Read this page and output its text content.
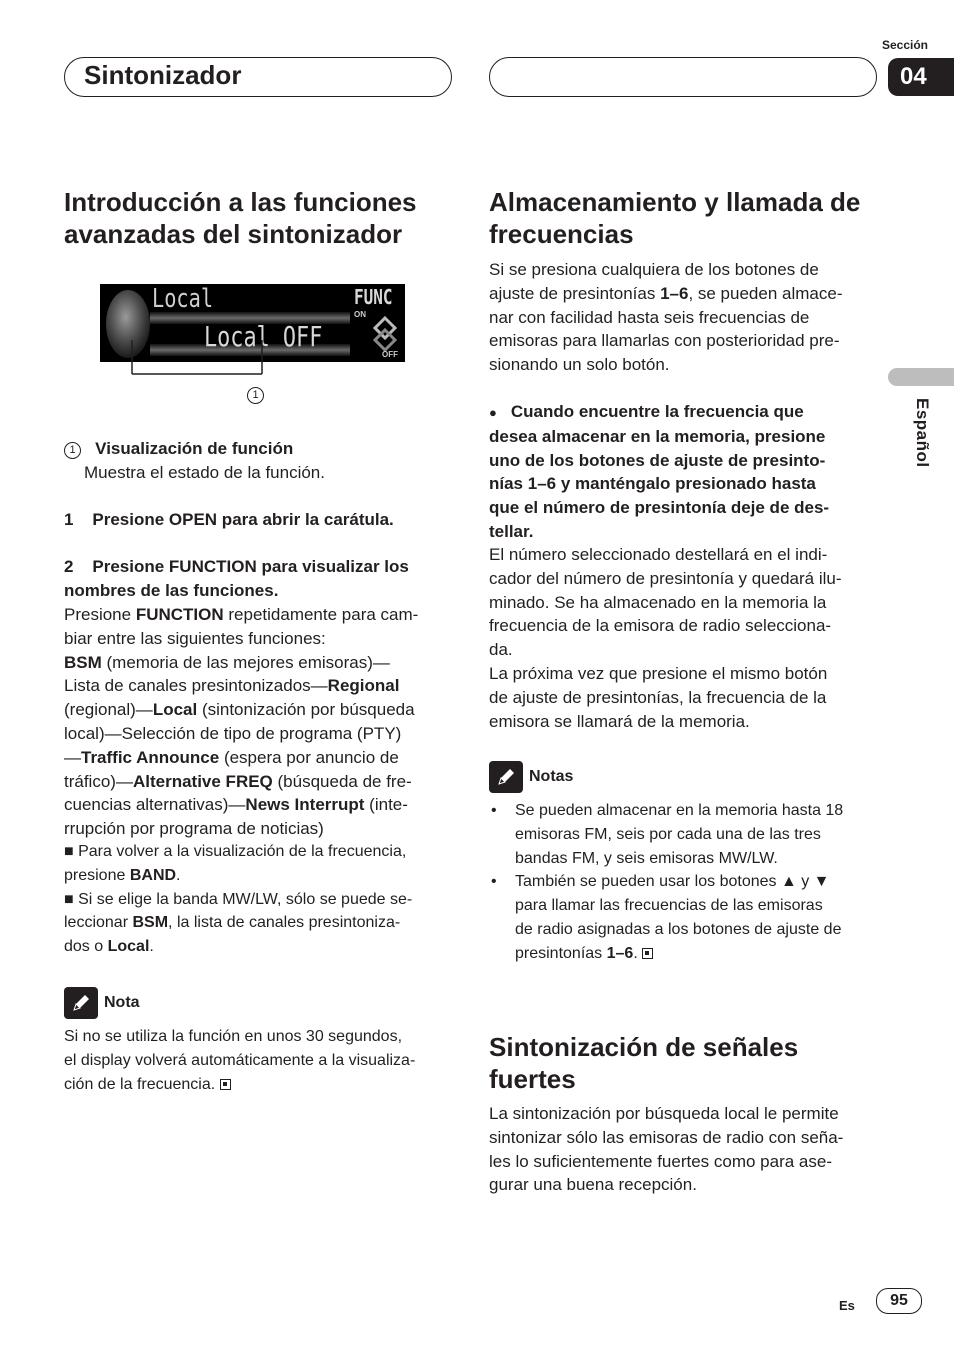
Sintonizador
Sección
04
Español
Introducción a las funciones avanzadas del sintonizador
Local
Local OFF
FUNC
ON
OFF
1
1 Visualización de función
Muestra el estado de la función.
1 Presione OPEN para abrir la carátula.
2 Presione FUNCTION para visualizar los
nombres de las funciones.
Presione FUNCTION repetidamente para cam-
biar entre las siguientes funciones:
BSM (memoria de las mejores emisoras)—
Lista de canales presintonizados—Regional
(regional)—Local (sintonización por búsqueda
local)—Selección de tipo de programa (PTY)
—Traffic Announce (espera por anuncio de
tráfico)—Alternative FREQ (búsqueda de fre-
cuencias alternativas)—News Interrupt (inte-
rrupción por programa de noticias)
■ Para volver a la visualización de la frecuencia,
presione BAND.
■ Si se elige la banda MW/LW, sólo se puede se-
leccionar BSM, la lista de canales presintoniza-
dos o Local.
Nota
Si no se utiliza la función en unos 30 segundos,
el display volverá automáticamente a la visualiza-
ción de la frecuencia.
Almacenamiento y llamada de frecuencias
Si se presiona cualquiera de los botones de
ajuste de presintonías 1–6, se pueden almace-
nar con facilidad hasta seis frecuencias de
emisoras para llamarlas con posterioridad pre-
sionando un solo botón.
● Cuando encuentre la frecuencia que
desea almacenar en la memoria, presione
uno de los botones de ajuste de presinto-
nías 1–6 y manténgalo presionado hasta
que el número de presintonía deje de des-
tellar.
El número seleccionado destellará en el indi-
cador del número de presintonía y quedará ilu-
minado. Se ha almacenado en la memoria la
frecuencia de la emisora de radio selecciona-
da.
La próxima vez que presione el mismo botón
de ajuste de presintonías, la frecuencia de la
emisora se llamará de la memoria.
Notas
• Se pueden almacenar en la memoria hasta 18
emisoras FM, seis por cada una de las tres
bandas FM, y seis emisoras MW/LW.
• También se pueden usar los botones ▲ y ▼
para llamar las frecuencias de las emisoras
de radio asignadas a los botones de ajuste de
presintonías 1–6.
Sintonización de señales fuertes
La sintonización por búsqueda local le permite
sintonizar sólo las emisoras de radio con seña-
les lo suficientemente fuertes como para ase-
gurar una buena recepción.
Es	95
